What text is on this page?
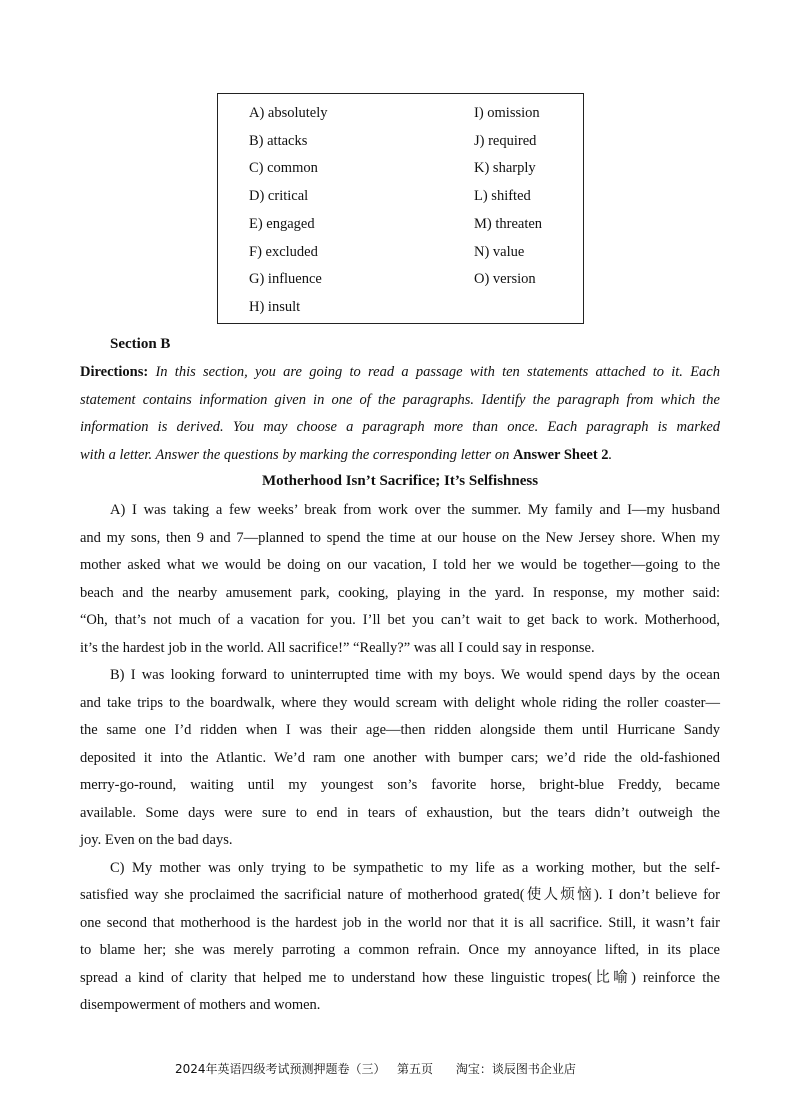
A) absolutely
B) attacks
C) common
D) critical
E) engaged
F) excluded
G) influence
H) insult
I) omission
J) required
K) sharply
L) shifted
M) threaten
N) value
O) version
Section B
Directions: In this section, you are going to read a passage with ten statements attached to it. Each
statement contains information given in one of the paragraphs. Identify the paragraph from which the
information is derived. You may choose a paragraph more than once. Each paragraph is marked
with a letter. Answer the questions by marking the corresponding letter on Answer Sheet 2.
Motherhood Isn’t Sacrifice; It’s Selfishness
A) I was taking a few weeks’ break from work over the summer. My family and I—my husband
and my sons, then 9 and 7—planned to spend the time at our house on the New Jersey shore. When my
mother asked what we would be doing on our vacation, I told her we would be together—going to the
beach and the nearby amusement park, cooking, playing in the yard. In response, my mother said:
“Oh, that’s not much of a vacation for you. I’ll bet you can’t wait to get back to work. Motherhood,
it’s the hardest job in the world. All sacrifice!” “Really?” was all I could say in response.
B) I was looking forward to uninterrupted time with my boys. We would spend days by the ocean
and take trips to the boardwalk, where they would scream with delight whole riding the roller coaster—
the same one I’d ridden when I was their age—then ridden alongside them until Hurricane Sandy
deposited it into the Atlantic. We’d ram one another with bumper cars; we’d ride the old-fashioned
merry-go-round, waiting until my youngest son’s favorite horse, bright-blue Freddy, became
available. Some days were sure to end in tears of exhaustion, but the tears didn’t outweigh the
joy. Even on the bad days.
C) My mother was only trying to be sympathetic to my life as a working mother, but the self-
satisfied way she proclaimed the sacrificial nature of motherhood grated(使人烦恼). I don’t believe for
one second that motherhood is the hardest job in the world nor that it is all sacrifice. Still, it wasn’t fair
to blame her; she was merely parroting a common refrain. Once my annoyance lifted, in its place
spread a kind of clarity that helped me to understand how these linguistic tropes(比喻) reinforce the
disempowerment of mothers and women.
2024年英语四级考试预测押题卷（三）   第五页      淘宝：谈辰图书企业店
